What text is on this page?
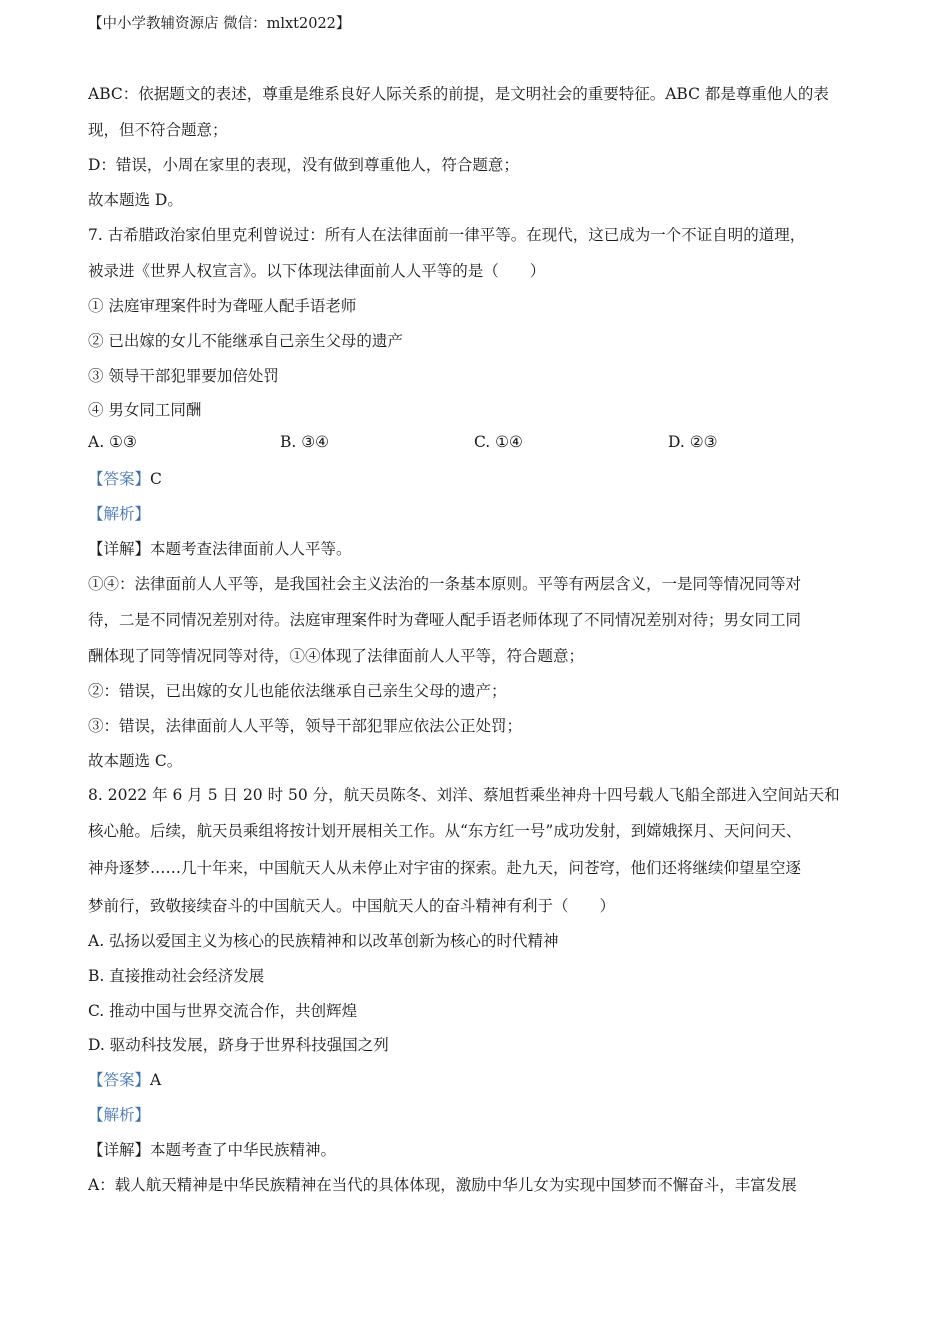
【中小学教辅资源店 微信：mlxt2022】
ABC：依据题文的表述，尊重是维系良好人际关系的前提，是文明社会的重要特征。ABC 都是尊重他人的表
现，但不符合题意；
D：错误，小周在家里的表现，没有做到尊重他人，符合题意；
故本题选 D。
7. 古希腊政治家伯里克利曾说过：所有人在法律面前一律平等。在现代，这已成为一个不证自明的道理，
被录进《世界人权宣言》。以下体现法律面前人人平等的是（　　）
① 法庭审理案件时为聋哑人配手语老师
② 已出嫁的女儿不能继承自己亲生父母的遗产
③ 领导干部犯罪要加倍处罚
④ 男女同工同酬
A. ①③	B. ③④	C. ①④	D. ②③
【答案】C
【解析】
【详解】本题考查法律面前人人平等。
①④：法律面前人人平等，是我国社会主义法治的一条基本原则。平等有两层含义，一是同等情况同等对
待，二是不同情况差别对待。法庭审理案件时为聋哑人配手语老师体现了不同情况差别对待；男女同工同
酬体现了同等情况同等对待，①④体现了法律面前人人平等，符合题意；
②：错误，已出嫁的女儿也能依法继承自己亲生父母的遗产；
③：错误，法律面前人人平等，领导干部犯罪应依法公正处罚；
故本题选 C。
8. 2022 年 6 月 5 日 20 时 50 分，航天员陈冬、刘洋、蔡旭哲乘坐神舟十四号载人飞船全部进入空间站天和
核心舱。后续，航天员乘组将按计划开展相关工作。从“东方红一号”成功发射，到嫦娥探月、天问问天、
神舟逐梦……几十年来，中国航天人从未停止对宇宙的探索。赴九天，问苍穹，他们还将继续仰望星空逐
梦前行，致敬接续奋斗的中国航天人。中国航天人的奋斗精神有利于（　　）
A. 弘扬以爱国主义为核心的民族精神和以改革创新为核心的时代精神
B. 直接推动社会经济发展
C. 推动中国与世界交流合作，共创辉煌
D. 驱动科技发展，跻身于世界科技强国之列
【答案】A
【解析】
【详解】本题考查了中华民族精神。
A：载人航天精神是中华民族精神在当代的具体体现，激励中华儿女为实现中国梦而不懈奋斗，丰富发展
